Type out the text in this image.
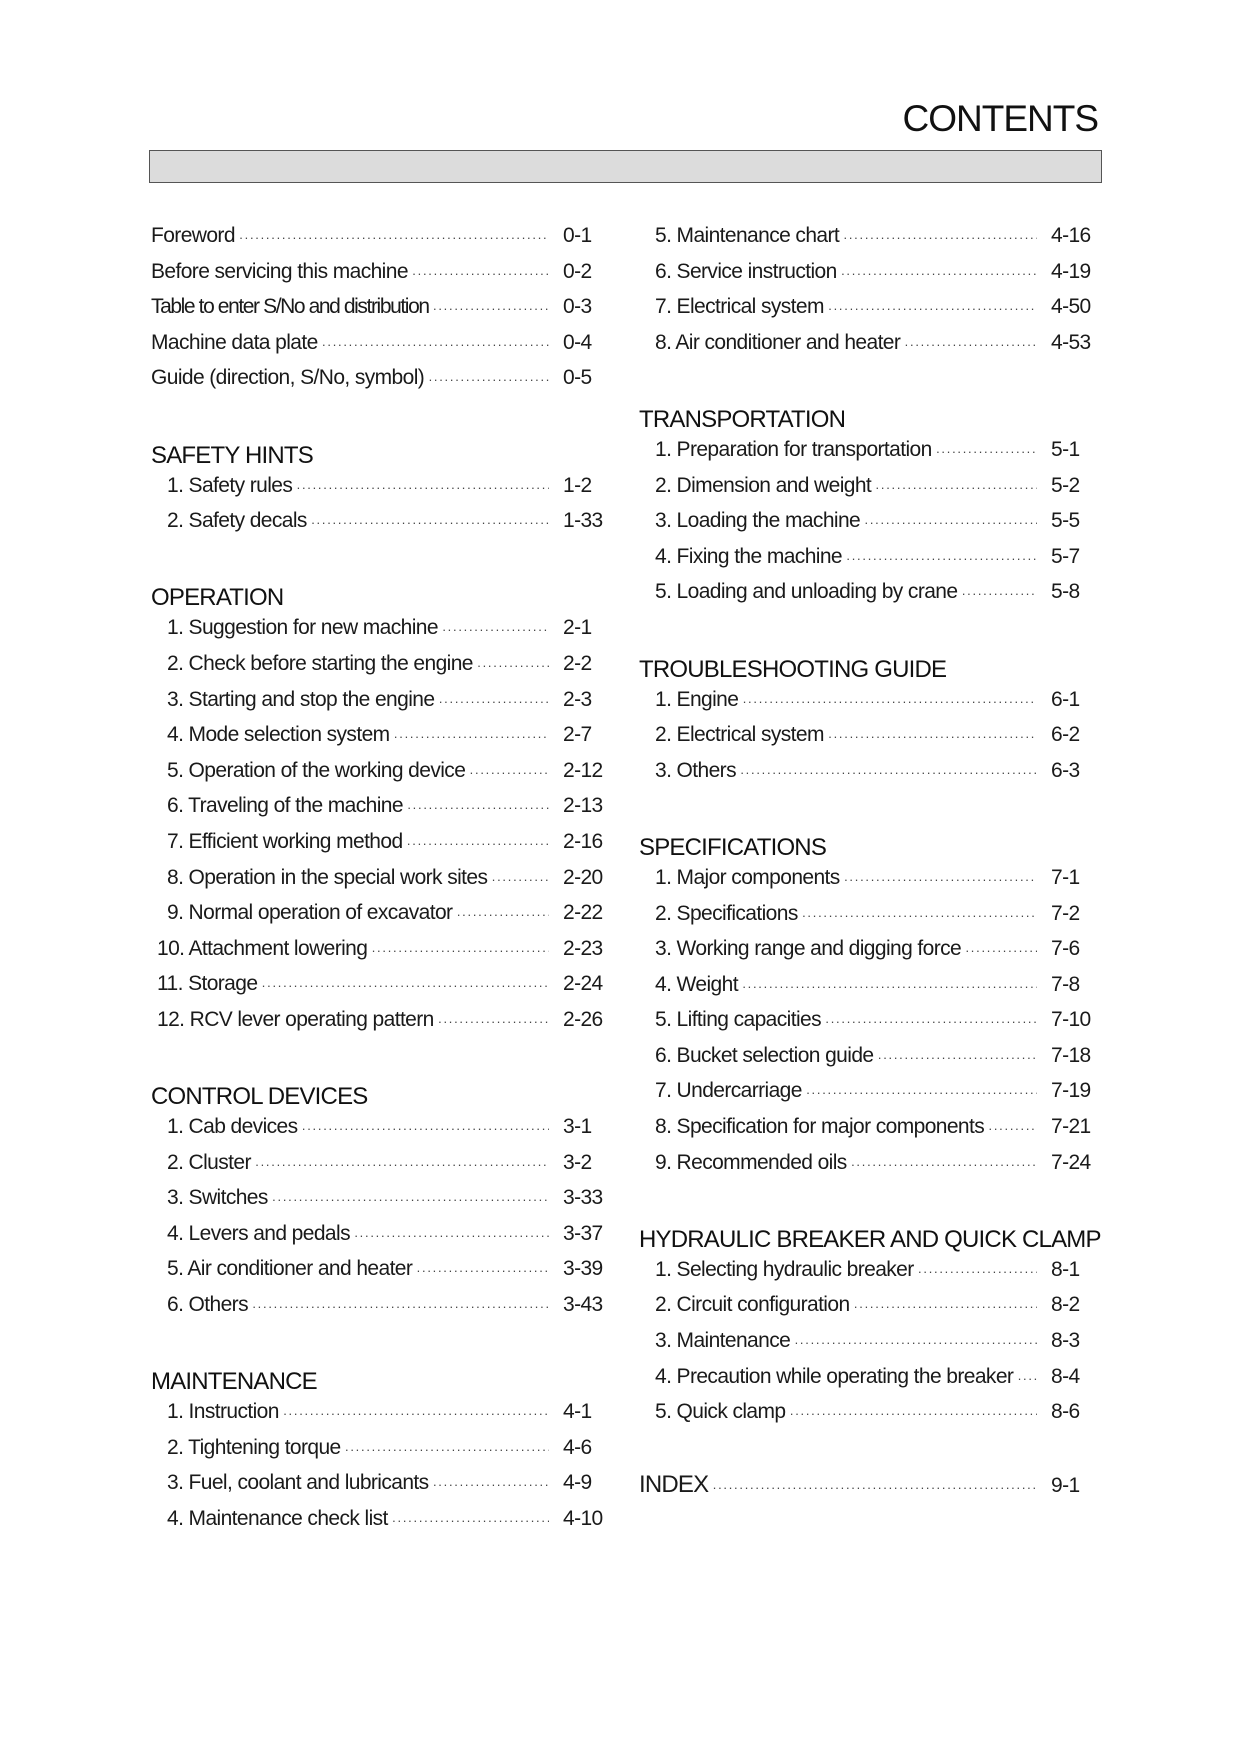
CONTENTS
Foreword ·····	0-1
Before servicing this machine ·····	0-2
Table to enter S/No and distribution ·····	0-3
Machine data plate ·····	0-4
Guide (direction, S/No, symbol) ·····	0-5
SAFETY HINTS
1. Safety rules ·····	1-2
2. Safety decals ·····	1-33
OPERATION
1. Suggestion for new machine ·····	2-1
2. Check before starting the engine ·····	2-2
3. Starting and stop the engine ·····	2-3
4. Mode selection system ·····	2-7
5. Operation of the working device ·····	2-12
6. Traveling of the machine ·····	2-13
7. Efficient working method ·····	2-16
8. Operation in the special work sites ·····	2-20
9. Normal operation of excavator ·····	2-22
10. Attachment lowering ·····	2-23
11. Storage ·····	2-24
12. RCV lever operating pattern ·····	2-26
CONTROL DEVICES
1. Cab devices ·····	3-1
2. Cluster ·····	3-2
3. Switches ·····	3-33
4. Levers and pedals ·····	3-37
5. Air conditioner and heater ·····	3-39
6. Others ·····	3-43
MAINTENANCE
1. Instruction ·····	4-1
2. Tightening torque ·····	4-6
3. Fuel, coolant and lubricants ·····	4-9
4. Maintenance check list ·····	4-10
5. Maintenance chart ·····	4-16
6. Service instruction ·····	4-19
7. Electrical system ·····	4-50
8. Air conditioner and heater ·····	4-53
TRANSPORTATION
1. Preparation for transportation ·····	5-1
2. Dimension and weight ·····	5-2
3. Loading the machine ·····	5-5
4. Fixing the machine ·····	5-7
5. Loading and unloading by crane ·····	5-8
TROUBLESHOOTING GUIDE
1. Engine ·····	6-1
2. Electrical system ·····	6-2
3. Others ·····	6-3
SPECIFICATIONS
1. Major components ·····	7-1
2. Specifications ·····	7-2
3. Working range and digging force ·····	7-6
4. Weight ·····	7-8
5. Lifting capacities ·····	7-10
6. Bucket selection guide ·····	7-18
7. Undercarriage ·····	7-19
8. Specification for major components ·····	7-21
9. Recommended oils ·····	7-24
HYDRAULIC BREAKER AND QUICK CLAMP
1. Selecting hydraulic breaker ·····	8-1
2. Circuit configuration ·····	8-2
3. Maintenance ·····	8-3
4. Precaution while operating the breaker ·····	8-4
5. Quick clamp ·····	8-6
INDEX ·····	9-1
